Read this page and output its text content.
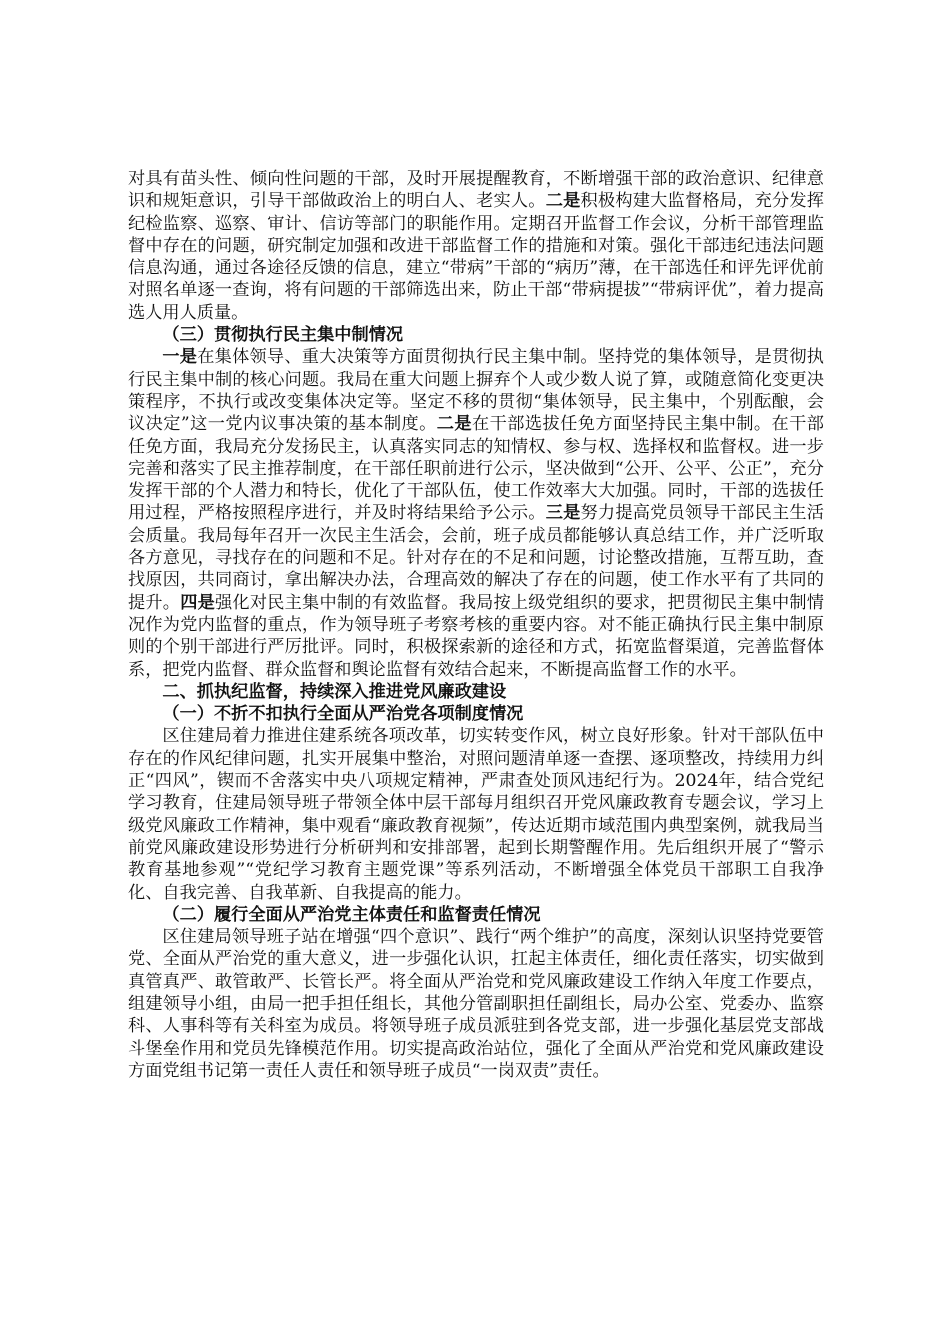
对具有苗头性、倾向性问题的干部，及时开展提醒教育，不断增强干部的政治意识、纪律意识和规矩意识，引导干部做政治上的明白人、老实人。二是积极构建大监督格局，充分发挥纪检监察、巡察、审计、信访等部门的职能作用。定期召开监督工作会议，分析干部管理监督中存在的问题，研究制定加强和改进干部监督工作的措施和对策。强化干部违纪违法问题信息沟通，通过各途径反馈的信息，建立“带病”干部的“病历”薄，在干部选任和评先评优前对照名单逐一查询，将有问题的干部筛选出来，防止干部“带病提拔”“带病评优”，着力提高选人用人质量。

（三）贯彻执行民主集中制情况

一是在集体领导、重大决策等方面贯彻执行民主集中制。坚持党的集体领导，是贯彻执行民主集中制的核心问题。我局在重大问题上摒弃个人或少数人说了算，或随意简化变更决策程序，不执行或改变集体决定等。坚定不移的贯彻“集体领导，民主集中，个别酝酿，会议决定”这一党内议事决策的基本制度。二是在干部选拔任免方面坚持民主集中制。在干部任免方面，我局充分发扬民主，认真落实同志的知情权、参与权、选择权和监督权。进一步完善和落实了民主推荐制度，在干部任职前进行公示，坚决做到“公开、公平、公正”，充分发挥干部的个人潜力和特长，优化了干部队伍，使工作效率大大加强。同时，干部的选拔任用过程，严格按照程序进行，并及时将结果给予公示。三是努力提高党员领导干部民主生活会质量。我局每年召开一次民主生活会，会前，班子成员都能够认真总结工作，并广泛听取各方意见，寻找存在的问题和不足。针对存在的不足和问题，讨论整改措施，互帮互助，查找原因，共同商讨，拿出解决办法，合理高效的解决了存在的问题，使工作水平有了共同的提升。四是强化对民主集中制的有效监督。我局按上级党组织的要求，把贯彻民主集中制情况作为党内监督的重点，作为领导班子考察考核的重要内容。对不能正确执行民主集中制原则的个别干部进行严厉批评。同时，积极探索新的途径和方式，拓宽监督渠道，完善监督体系，把党内监督、群众监督和舆论监督有效结合起来，不断提高监督工作的水平。

二、抓执纪监督，持续深入推进党风廉政建设

（一）不折不扣执行全面从严治党各项制度情况

区住建局着力推进住建系统各项改革，切实转变作风，树立良好形象。针对干部队伍中存在的作风纪律问题，扎实开展集中整治，对照问题清单逐一查摆、逐项整改，持续用力纠正“四风”，锲而不舍落实中央八项规定精神，严肃查处顶风违纪行为。2024年，结合党纪学习教育，住建局领导班子带领全体中层干部每月组织召开党风廉政教育专题会议，学习上级党风廉政工作精神，集中观看“廉政教育视频”，传达近期市域范围内典型案例，就我局当前党风廉政建设形势进行分析研判和安排部署，起到长期警醒作用。先后组织开展了“警示教育基地参观”“党纪学习教育主题党课”等系列活动，不断增强全体党员干部职工自我净化、自我完善、自我革新、自我提高的能力。

（二）履行全面从严治党主体责任和监督责任情况

区住建局领导班子站在增强“四个意识”、践行“两个维护”的高度，深刻认识坚持党要管党、全面从严治党的重大意义，进一步强化认识，扛起主体责任，细化责任落实，切实做到真管真严、敢管敢严、长管长严。将全面从严治党和党风廉政建设工作纳入年度工作要点，组建领导小组，由局一把手担任组长，其他分管副职担任副组长，局办公室、党委办、监察科、人事科等有关科室为成员。将领导班子成员派驻到各党支部，进一步强化基层党支部战斗堡垒作用和党员先锋模范作用。切实提高政治站位，强化了全面从严治党和党风廉政建设方面党组书记第一责任人责任和领导班子成员“一岗双责”责任。
